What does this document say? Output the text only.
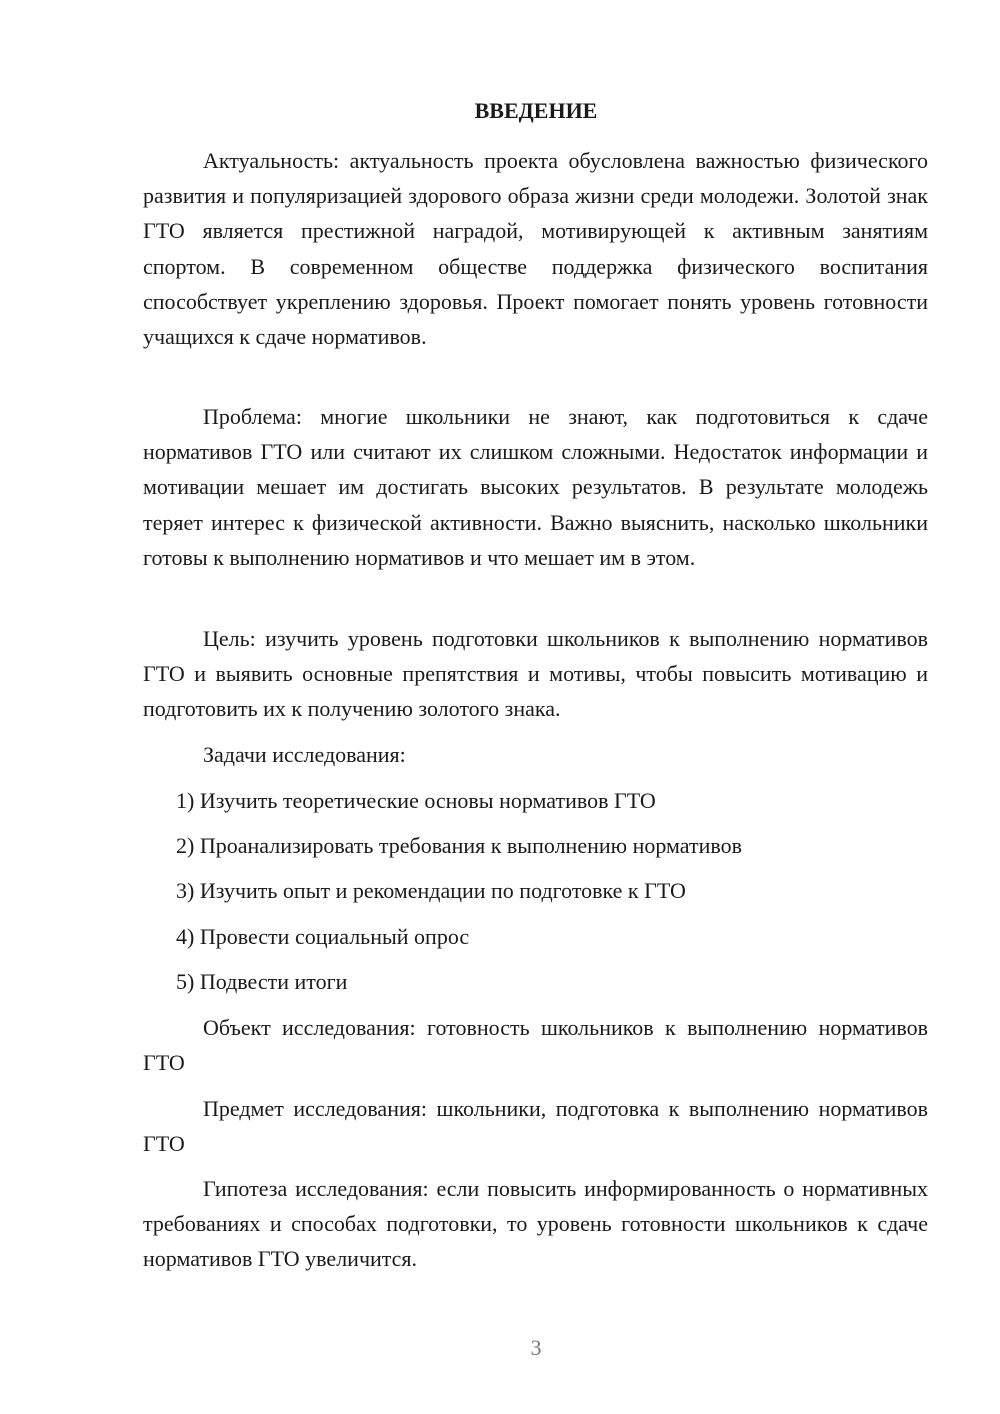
ВВЕДЕНИЕ

Актуальность: актуальность проекта обусловлена важностью физического развития и популяризацией здорового образа жизни среди молодежи. Золотой знак ГТО является престижной наградой, мотивирующей к активным занятиям спортом. В современном обществе поддержка физического воспитания способствует укреплению здоровья. Проект помогает понять уровень готовности учащихся к сдаче нормативов.

Проблема: многие школьники не знают, как подготовиться к сдаче нормативов ГТО или считают их слишком сложными. Недостаток информации и мотивации мешает им достигать высоких результатов. В результате молодежь теряет интерес к физической активности. Важно выяснить, насколько школьники готовы к выполнению нормативов и что мешает им в этом.

Цель: изучить уровень подготовки школьников к выполнению нормативов ГТО и выявить основные препятствия и мотивы, чтобы повысить мотивацию и подготовить их к получению золотого знака.

Задачи исследования:

1) Изучить теоретические основы нормативов ГТО

2) Проанализировать требования к выполнению нормативов

3) Изучить опыт и рекомендации по подготовке к ГТО

4) Провести социальный опрос

5) Подвести итоги

Объект исследования: готовность школьников к выполнению нормативов ГТО

Предмет исследования: школьники, подготовка к выполнению нормативов ГТО

Гипотеза исследования: если повысить информированность о нормативных требованиях и способах подготовки, то уровень готовности школьников к сдаче нормативов ГТО увеличится.

3
